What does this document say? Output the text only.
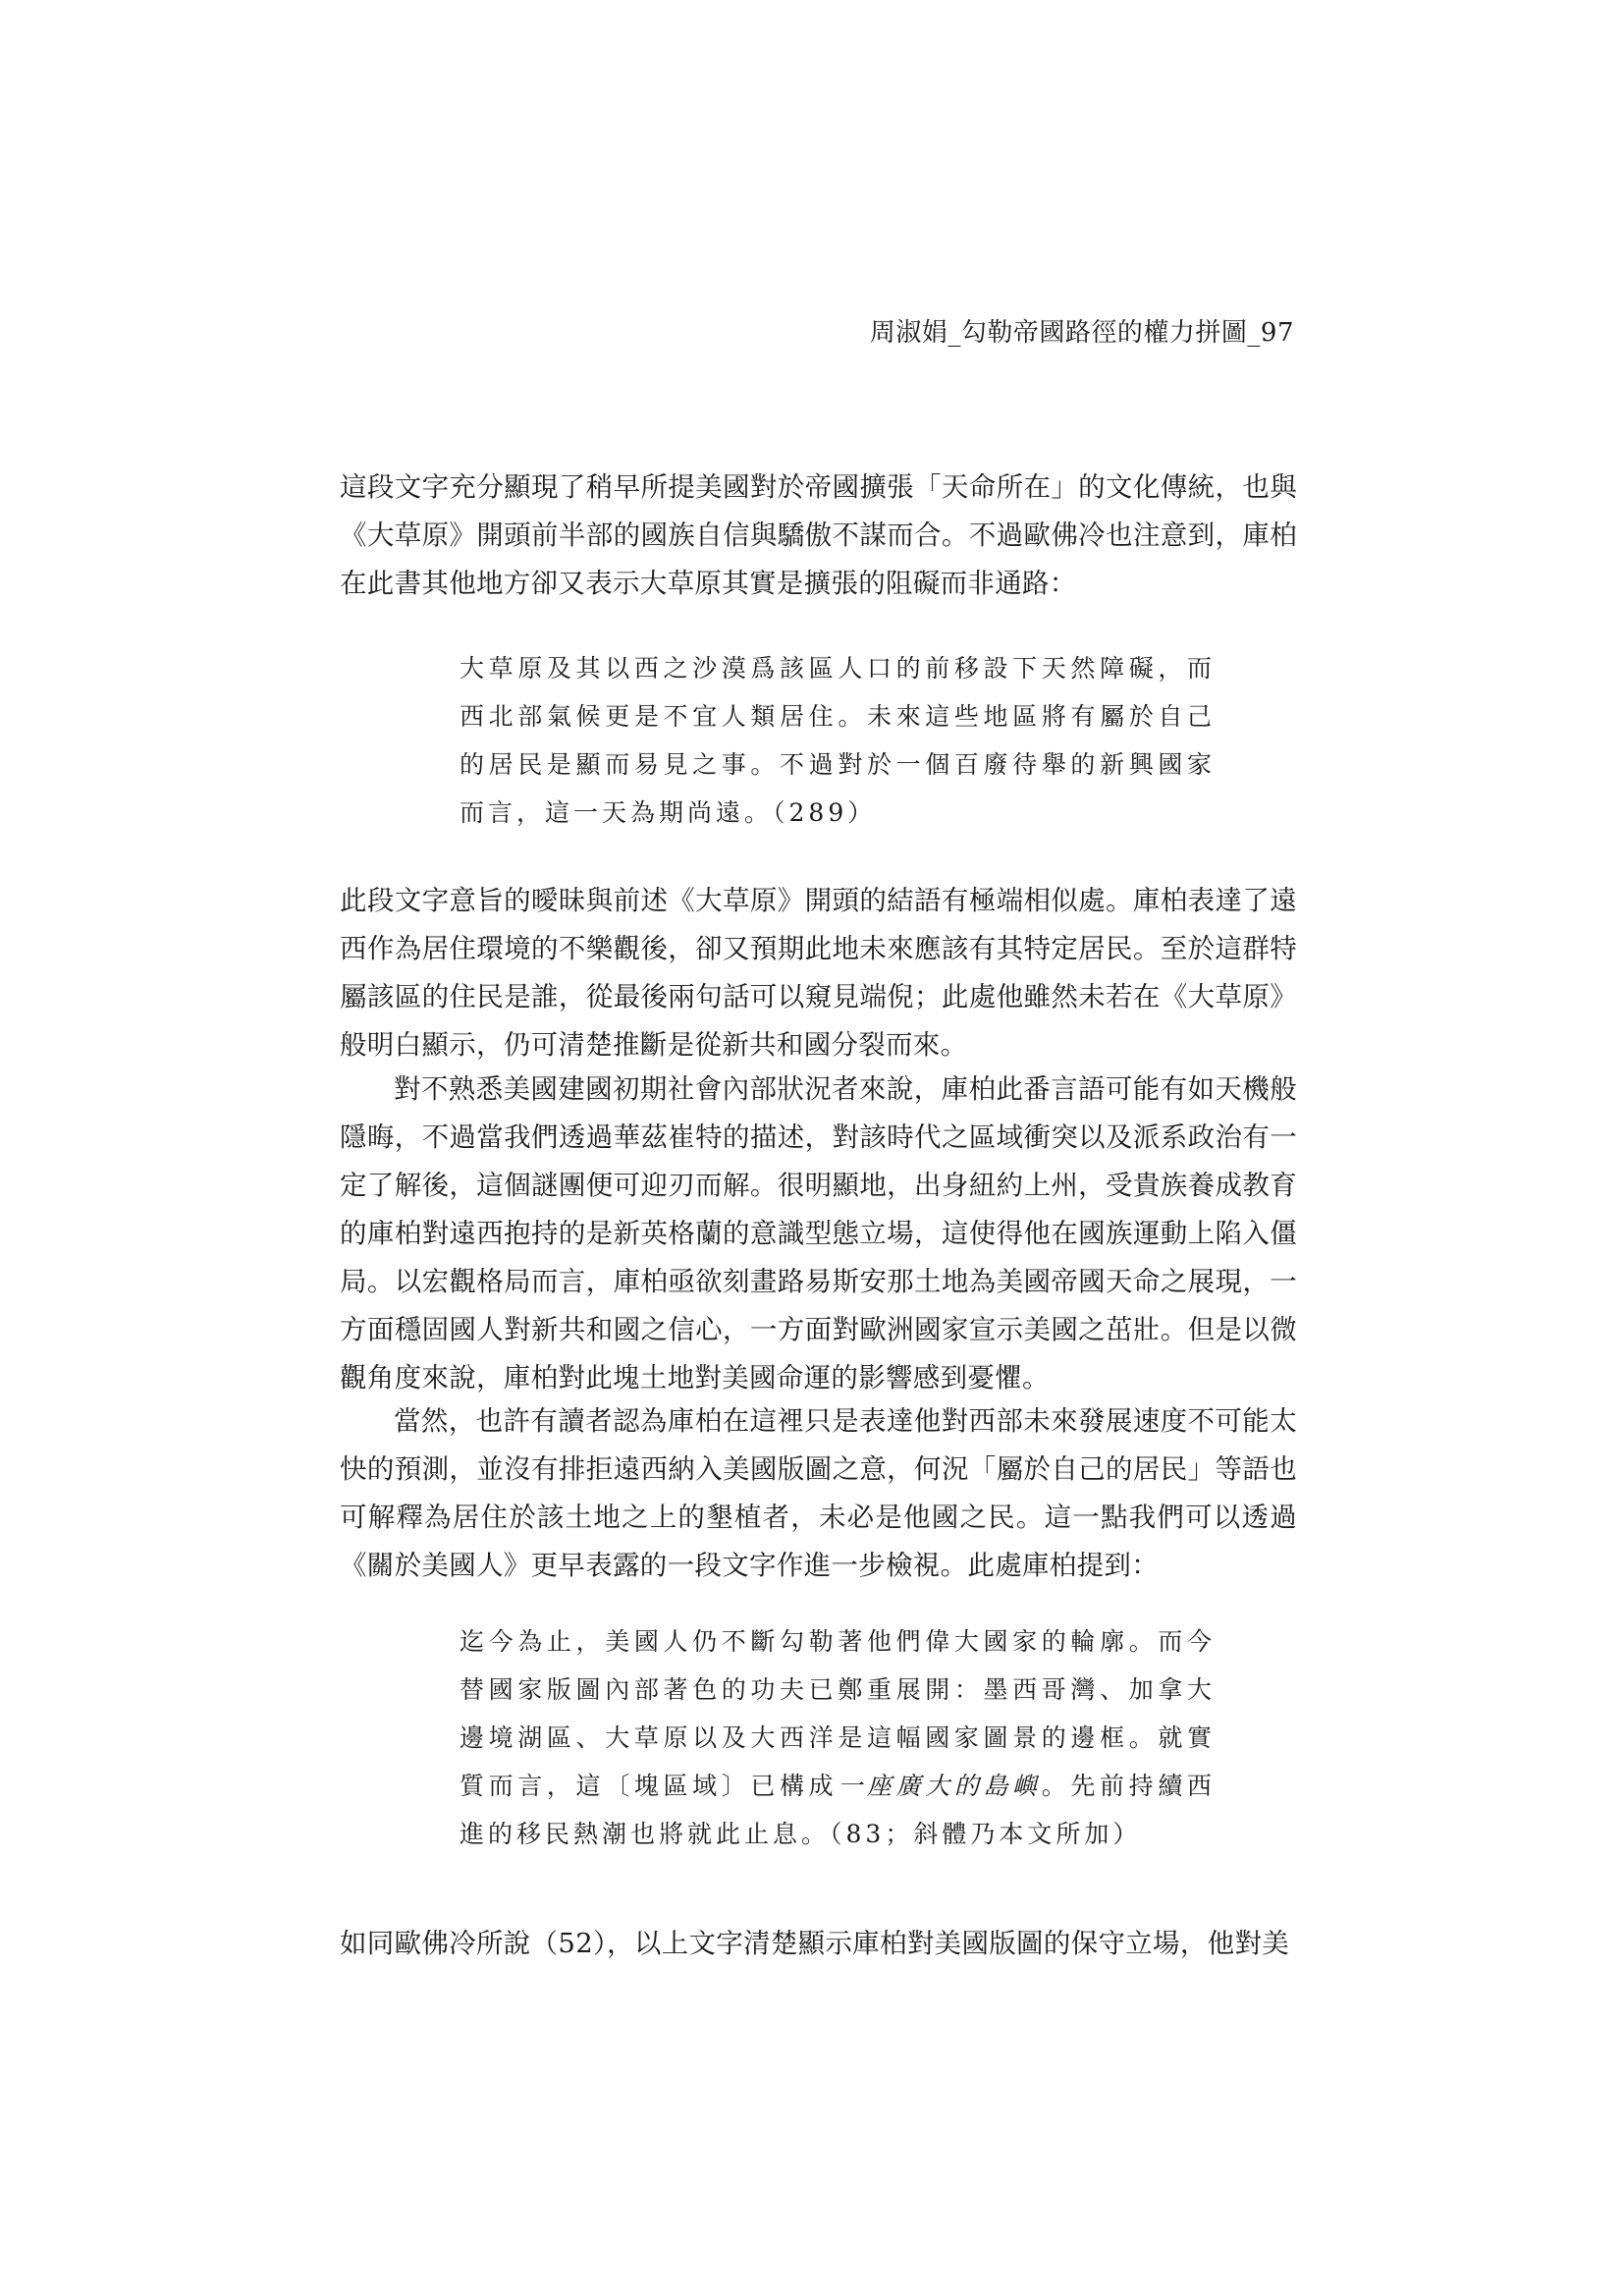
周淑娟_勾勒帝國路徑的權力拼圖_97

這段文字充分顯現了稍早所提美國對於帝國擴張「天命所在」的文化傳統，也與《大草原》開頭前半部的國族自信與驕傲不謀而合。不過歐佛冷也注意到，庫柏在此書其他地方卻又表示大草原其實是擴張的阻礙而非通路：

大草原及其以西之沙漠爲該區人口的前移設下天然障礙，而西北部氣候更是不宜人類居住。未來這些地區將有屬於自己的居民是顯而易見之事。不過對於一個百廢待舉的新興國家而言，這一天為期尚遠。（289）

此段文字意旨的曖昧與前述《大草原》開頭的結語有極端相似處。庫柏表達了遠西作為居住環境的不樂觀後，卻又預期此地未來應該有其特定居民。至於這群特屬該區的住民是誰，從最後兩句話可以窺見端倪；此處他雖然未若在《大草原》般明白顯示，仍可清楚推斷是從新共和國分裂而來。

對不熟悉美國建國初期社會內部狀況者來說，庫柏此番言語可能有如天機般隱晦，不過當我們透過華茲崔特的描述，對該時代之區域衝突以及派系政治有一定了解後，這個謎團便可迎刃而解。很明顯地，出身紐約上州，受貴族養成教育的庫柏對遠西抱持的是新英格蘭的意識型態立場，這使得他在國族運動上陷入僵局。以宏觀格局而言，庫柏亟欲刻畫路易斯安那土地為美國帝國天命之展現，一方面穩固國人對新共和國之信心，一方面對歐洲國家宣示美國之茁壯。但是以微觀角度來說，庫柏對此塊土地對美國命運的影響感到憂懼。

當然，也許有讀者認為庫柏在這裡只是表達他對西部未來發展速度不可能太快的預測，並沒有排拒遠西納入美國版圖之意，何況「屬於自己的居民」等語也可解釋為居住於該土地之上的墾植者，未必是他國之民。這一點我們可以透過《關於美國人》更早表露的一段文字作進一步檢視。此處庫柏提到：

迄今為止，美國人仍不斷勾勒著他們偉大國家的輪廓。而今替國家版圖內部著色的功夫已鄭重展開：墨西哥灣、加拿大邊境湖區、大草原以及大西洋是這幅國家圖景的邊框。就實質而言，這〔塊區域〕已構成一座廣大的島嶼。先前持續西進的移民熱潮也將就此止息。（83；斜體乃本文所加）

如同歐佛冷所說（52），以上文字清楚顯示庫柏對美國版圖的保守立場，他對美
